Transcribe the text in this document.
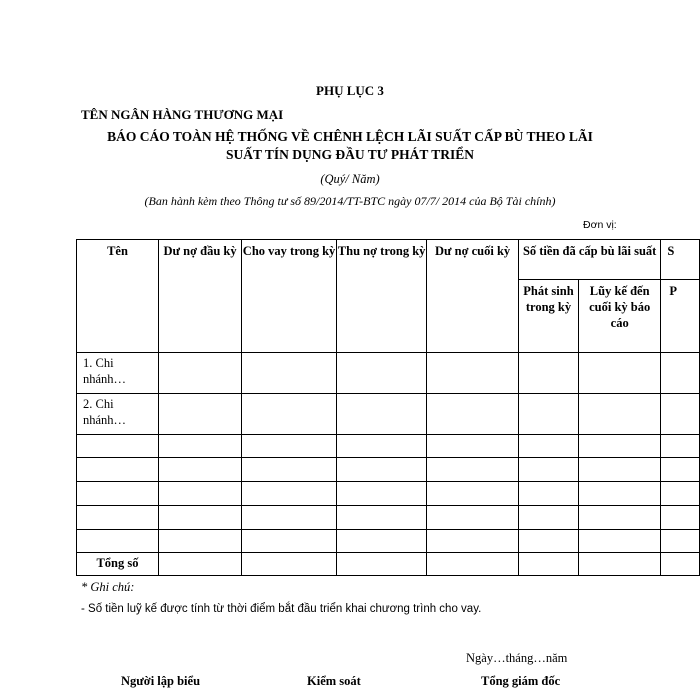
PHỤ LỤC 3
TÊN NGÂN HÀNG THƯƠNG MẠI
BÁO CÁO TOÀN HỆ THỐNG VỀ CHÊNH LỆCH LÃI SUẤT CẤP BÙ THEO LÃI
SUẤT TÍN DỤNG ĐẦU TƯ PHÁT TRIỂN
(Quý/ Năm)
(Ban hành kèm theo Thông tư số 89/2014/TT-BTC ngày 07/7/ 2014 của Bộ Tài chính)
Đơn vị:
Tên	Dư nợ đầu kỳ	Cho vay trong kỳ	Thu nợ trong kỳ	Dư nợ cuối kỳ	Số tiền đã cấp bù lãi suất		S
					Phát sinh trong kỳ	Lũy kế đến cuối kỳ báo cáo	P
1. Chi nhánh…							
2. Chi nhánh…							

Tổng số							
* Ghi chú:
- Số tiền luỹ kế được tính từ thời điểm bắt đầu triển khai chương trình cho vay.
Ngày…tháng…năm
Người lập biểu	Kiểm soát	Tổng giám đốc
